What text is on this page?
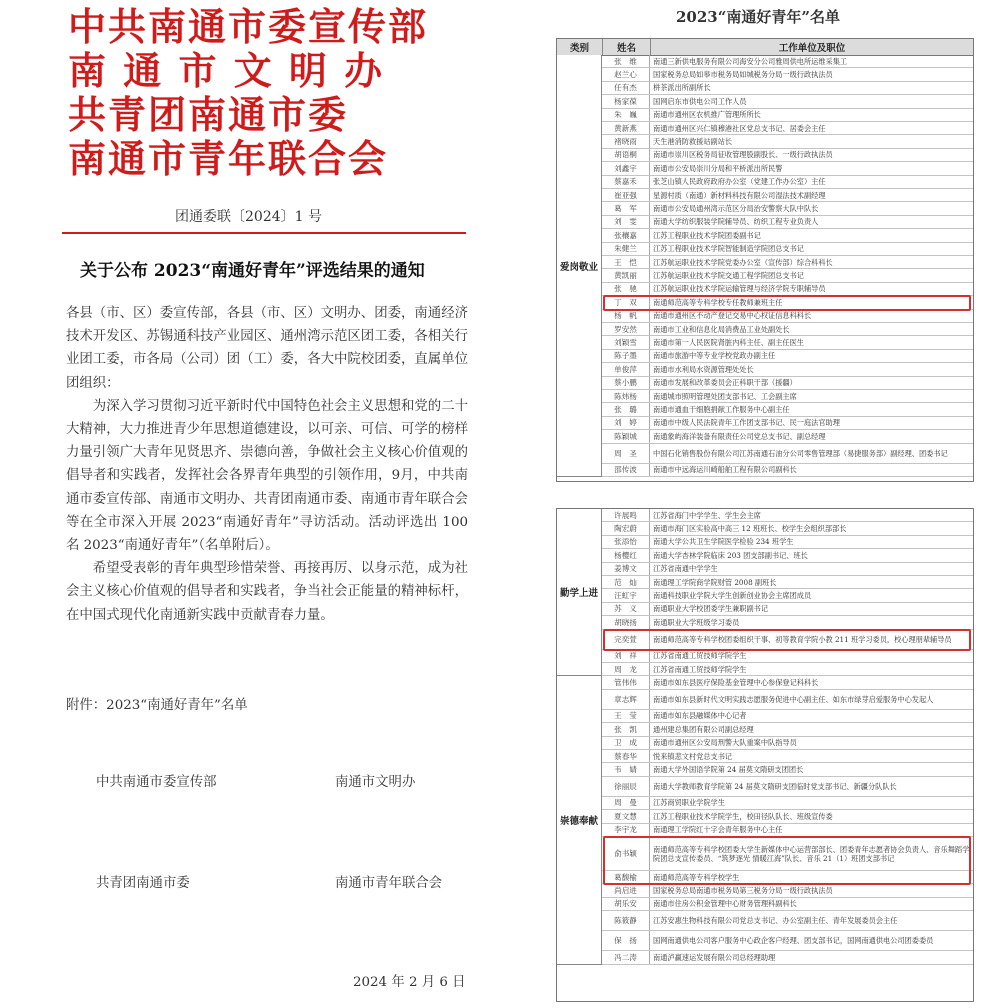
中共南通市委宣传部
南 通 市 文 明 办
共青团南通市委
南通市青年联合会
团通委联〔2024〕1 号
关于公布 2023“南通好青年”评选结果的通知

各县（市、区）委宣传部，各县（市、区）文明办、团委，南通经济技术开发区、苏锡通科技产业园区、通州湾示范区团工委，各相关行业团工委，市各局（公司）团（工）委，各大中院校团委，直属单位团组织：

为深入学习贯彻习近平新时代中国特色社会主义思想和党的二十大精神，大力推进青少年思想道德建设，以可亲、可信、可学的榜样力量引领广大青年见贤思齐、崇德向善，争做社会主义核心价值观的倡导者和实践者，发挥社会各界青年典型的引领作用，9月，中共南通市委宣传部、南通市文明办、共青团南通市委、南通市青年联合会等在全市深入开展 2023“南通好青年”寻访活动。活动评选出 100 名 2023“南通好青年”（名单附后）。

希望受表彰的青年典型珍惜荣誉、再接再厉、以身示范，成为社会主义核心价值观的倡导者和实践者，争当社会正能量的精神标杆，在中国式现代化南通新实践中贡献青春力量。

附件：2023“南通好青年”名单
中共南通市委宣传部	南通市文明办
共青团南通市委	南通市青年联合会
2024 年 2 月 6 日
2023“南通好青年”名单
类别	姓名	工作单位及职位
张　维	南通三新供电服务有限公司海安分公司雅周供电所运维采集工
赵兰心	国家税务总局如皋市税务局如城税务分局一级行政执法员
任有杰	栟茶派出所副所长
杨家葆	国网启东市供电公司工作人员
朱　巍	南通市通州区农机推广管理所所长
黄新燕	南通市通州区兴仁镇穆港社区党总支书记、居委会主任
褚晓雨	天生港消防救援站副站长
胡语桐	南通市崇川区税务局征收管理股副股长、一级行政执法员
刘鑫宇	南通市公安局崇川分局和平桥派出所民警
蔡嘉禾	张芝山镇人民政府政府办公室（党建工作办公室）主任
崔亚强	星源村质（南通）新材料科技有限公司湿法技术副经理
葛　军	南通市公安局通州湾示范区分局治安警察大队中队长
刘　雯	南通大学纺织服装学院辅导员、纺织工程专业负责人
张穰嘉	江苏工程职业技术学院团委副书记
朱健兰	江苏工程职业技术学院智能制造学院团总支书记
王　恺	江苏航运职业技术学院党委办公室（宣传部）综合科科长
黄凯丽	江苏航运职业技术学院交通工程学院团总支书记
张　驰	江苏航运职业技术学院运输管理与经济学院专职辅导员
丁　双	南通师范高等专科学校专任教师兼班主任
杨　帆	南通市通州区不动产登记交易中心权证信息科科长
罗安然	南通市工业和信息化局消费品工业处副处长
刘颖雪	南通市第一人民医院肾脏内科主任、副主任医生
陈子墨	南通市旅游中等专业学校党政办副主任
单俊萍	南通市水利局水资源管理处处长
蔡小鹏	南通市发展和改革委员会正科职干部（援疆）
陈炜杨	南通城市照明管理处团支部书记、工会副主席
张　璐	南通市通血干细胞捐献工作服务中心副主任
刘　婷	南通市中级人民法院青年工作团支部书记、民一庭法官助理
陈颖城	南通象屿海洋装备有限责任公司党总支书记、副总经理
周　圣	中国石化销售股份有限公司江苏南通石油分公司零售管理部（易捷服务部）副经理、团委书记
邵传波	南通市中远海运川崎船舶工程有限公司副科长
爱岗敬业
许展鸣	江苏省海门中学学生、学生会主席
陶宏蔚	南通市海门区实验高中高三 12 班班长、校学生会组织部部长
张添怡	南通大学公共卫生学院医学检验 234 班学生
杨樱红	南通大学杏林学院临床 203 团支部副书记、班长
姜博文	江苏省南通中学学生
范　灿	南通理工学院商学院财管 2008 副班长
汪虹宇	南通科技职业学院大学生创新创业协会主席团成员
苏　义	南通职业大学校团委学生兼职副书记
胡晓扬	南通职业大学班级学习委员
完奕萱	南通师范高等专科学校团委组织干事、初等教育学院小教 211 班学习委员，校心理朋辈辅导员
刘　祥	江苏省南通工贸技师学院学生
周　龙	江苏省南通工贸技师学院学生
勤学上进
管伟伟	南通市如东县医疗保险基金管理中心参保登记科科长
章志辉	南通市如东县新时代文明实践志愿服务促进中心副主任、如东市绿芽启爱服务中心发起人
王　莹	南通市如东县融媒体中心记者
张　凯	通州建总集团有限公司副总经理
卫　成	南通市通州区公安局刑警大队重案中队指导员
蔡春华	悦来镇悲文村党总支书记
韦　婧	南通大学外国语学院第 24 届莫文隋研支团团长
徐丽辰	南通大学教师教育学院第 24 届莫文隋研支团临时党支部书记、新疆分队队长
周　曼	江苏商贸职业学院学生
夏文慧	江苏工程职业技术学院学生，校田径队队长、班级宣传委
李宇龙	南通理工学院红十字会青年服务中心主任
俞书颖	南通师范高等专科学校团委大学生新媒体中心运营部部长、团委青年志愿者协会负责人、音乐舞蹈学院团总支宣传委员、“筑梦逐光 情暖江海”队长、音乐 21（1）班团支部书记
葛馥榆	南通师范高等专科学校学生
尚启进	国家税务总局南通市税务局第三税务分局一级行政执法员
胡乐安	南通市住房公积金管理中心财务管理科副科长
陈筱静	江苏安惠生物科技有限公司党总支书记、办公室副主任、青年发展委员会主任
保　扬	国网南通供电公司客户服务中心政企客户经理、团支部书记，国网南通供电公司团委委员
冯二涛	南通泸赢速运发展有限公司总经理助理
崇德奉献
